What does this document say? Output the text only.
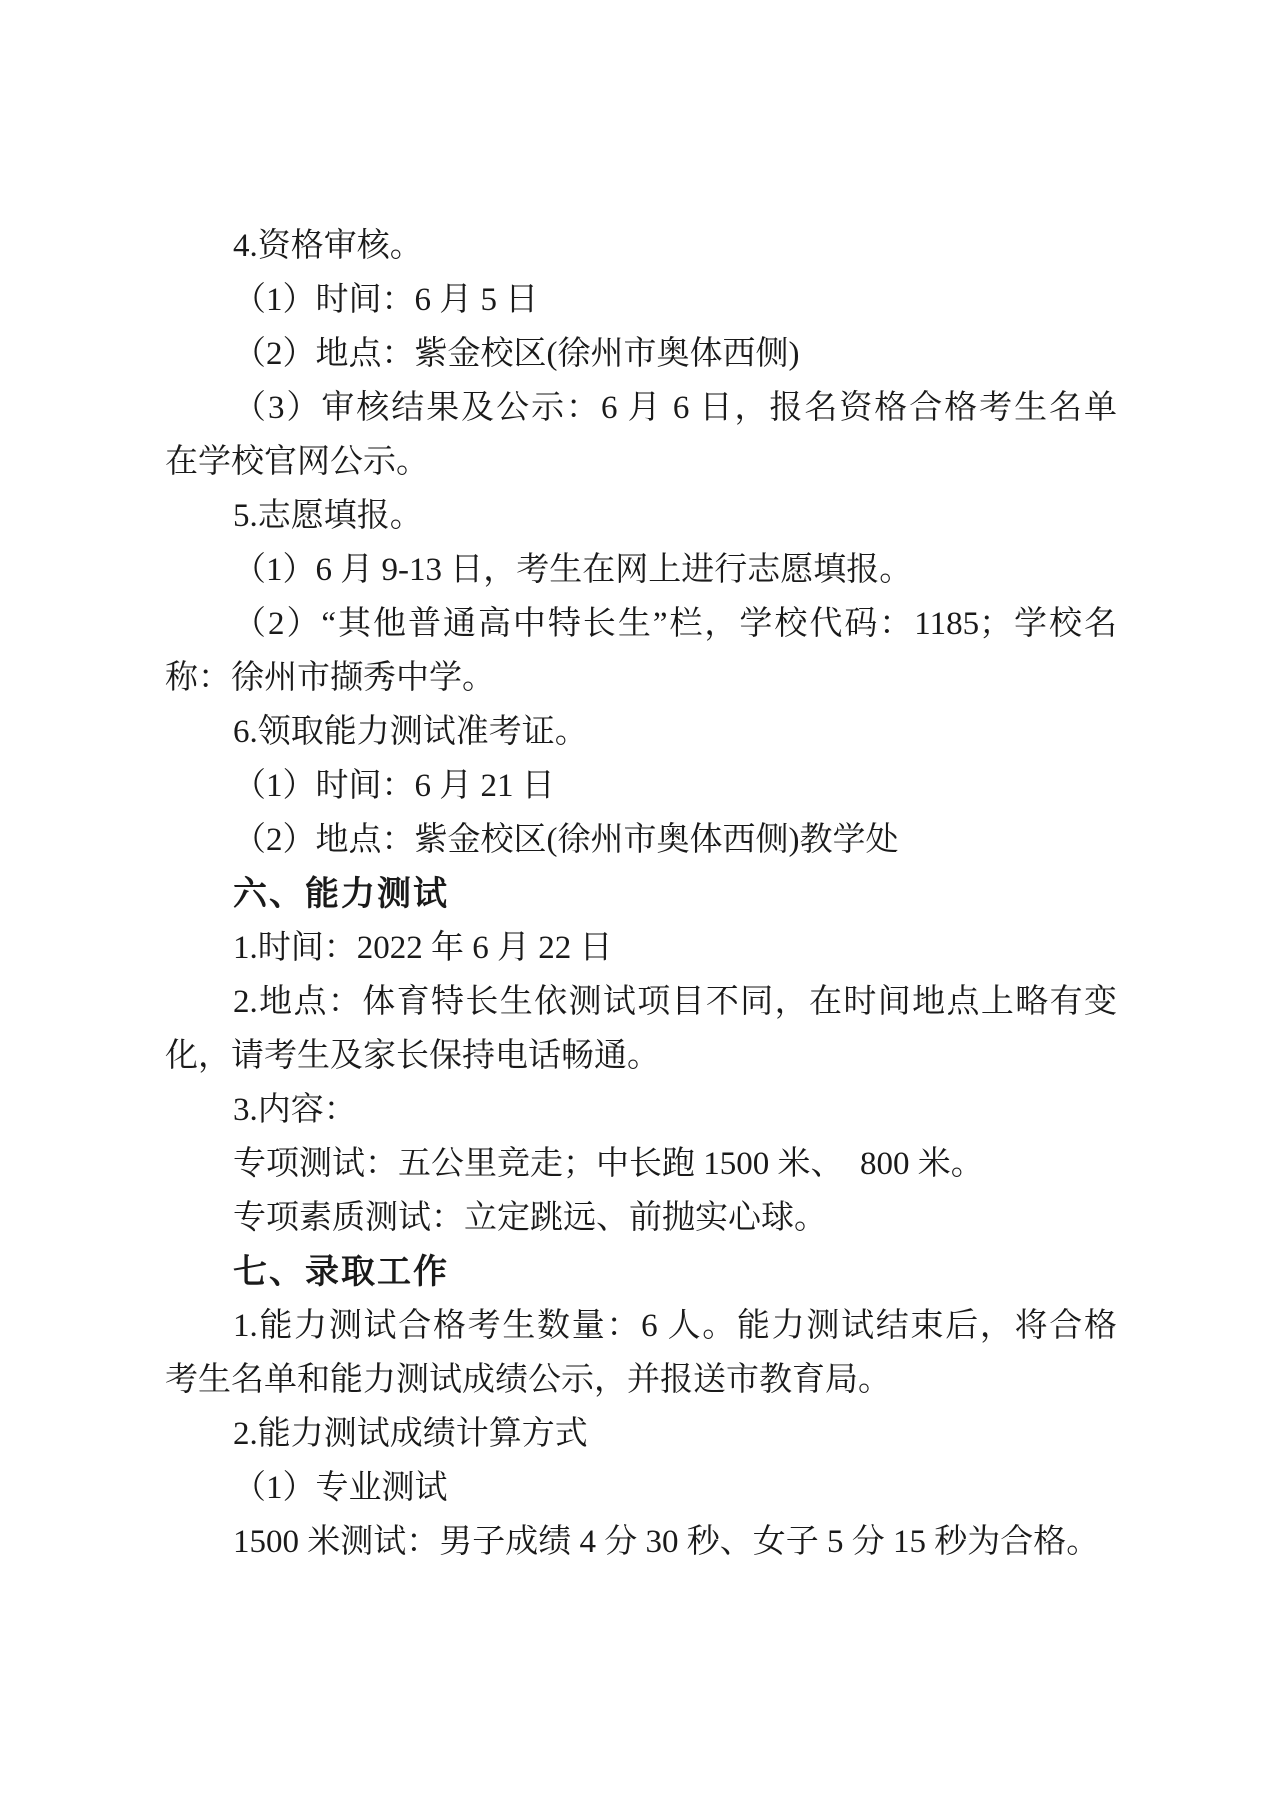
4.资格审核。

（1）时间：6 月 5 日

（2）地点：紫金校区(徐州市奥体西侧)

（3）审核结果及公示：6 月 6 日，报名资格合格考生名单

在学校官网公示。

5.志愿填报。

（1）6 月 9-13 日，考生在网上进行志愿填报。

（2）“其他普通高中特长生”栏，学校代码：1185；学校名

称：徐州市撷秀中学。

6.领取能力测试准考证。

（1）时间：6 月 21 日

（2）地点：紫金校区(徐州市奥体西侧)教学处

六、能力测试

1.时间：2022 年 6 月 22 日

2.地点：体育特长生依测试项目不同，在时间地点上略有变

化，请考生及家长保持电话畅通。

3.内容：

专项测试：五公里竞走；中长跑 1500 米、  800 米。

专项素质测试：立定跳远、前抛实心球。

七、录取工作

1.能力测试合格考生数量：6 人。能力测试结束后，将合格

考生名单和能力测试成绩公示，并报送市教育局。

2.能力测试成绩计算方式

（1）专业测试

1500 米测试：男子成绩 4 分 30 秒、女子 5 分 15 秒为合格。
